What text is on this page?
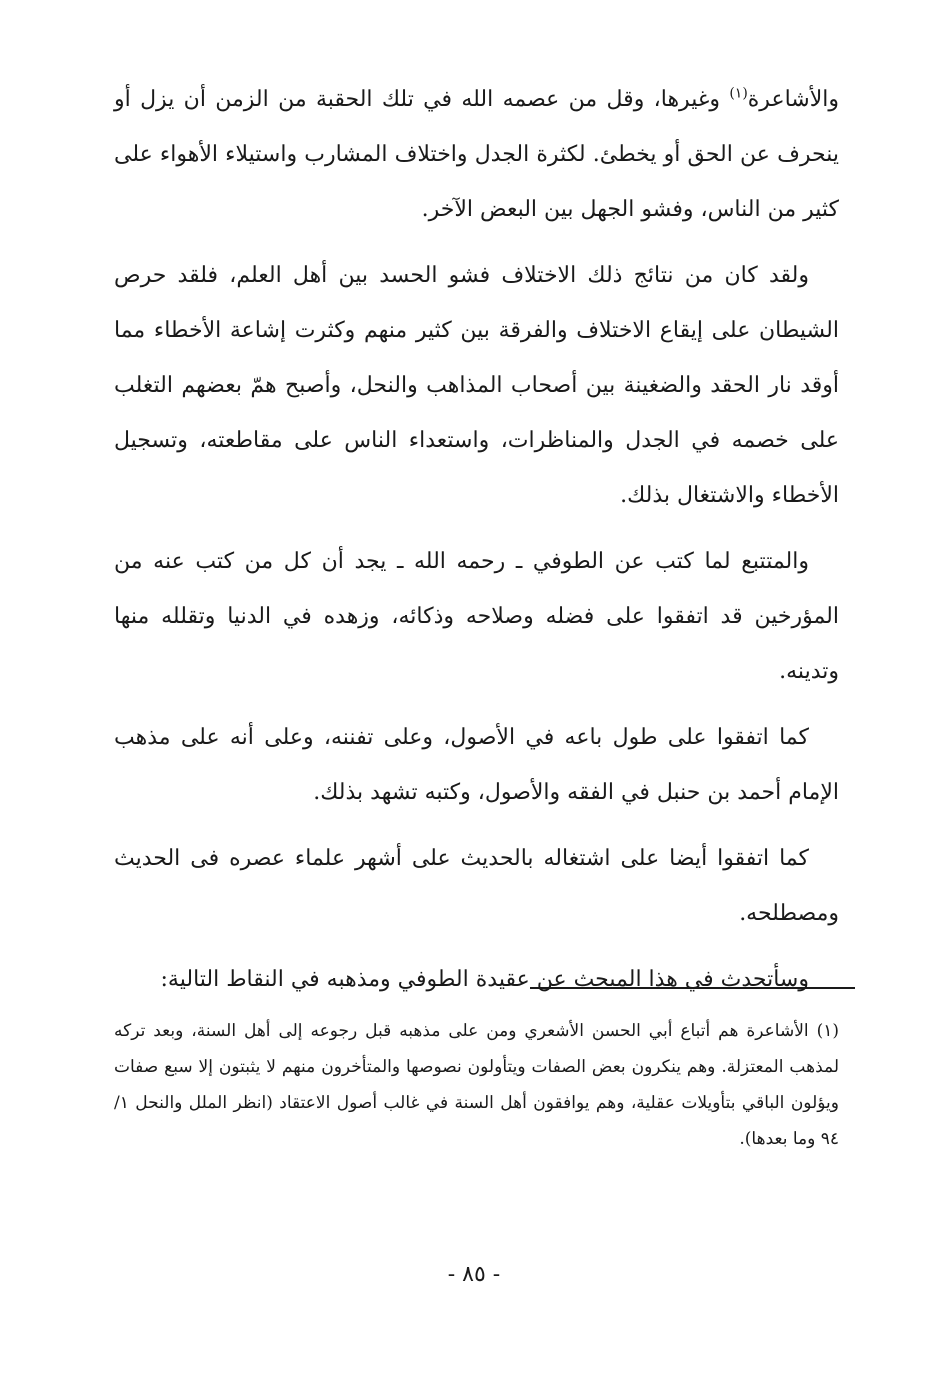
والأشاعرة$^{(١)}$ وغيرها، وقل من عصمه الله في تلك الحقبة من الزمن أن يزل أو ينحرف عن الحق أو يخطئ. لكثرة الجدل واختلاف المشارب واستيلاء الأهواء على كثير من الناس، وفشو الجهل بين البعض الآخر.

ولقد كان من نتائج ذلك الاختلاف فشو الحسد بين أهل العلم، فلقد حرص الشيطان على إيقاع الاختلاف والفرقة بين كثير منهم وكثرت إشاعة الأخطاء مما أوقد نار الحقد والضغينة بين أصحاب المذاهب والنحل، وأصبح همّ بعضهم التغلب على خصمه في الجدل والمناظرات، واستعداء الناس على مقاطعته، وتسجيل الأخطاء والاشتغال بذلك.

والمتتبع لما كتب عن الطوفي ـ رحمه الله ـ يجد أن كل من كتب عنه من المؤرخين قد اتفقوا على فضله وصلاحه وذكائه، وزهده في الدنيا وتقلله منها وتدينه.

كما اتفقوا على طول باعه في الأصول، وعلى تفننه، وعلى أنه على مذهب الإمام أحمد بن حنبل في الفقه والأصول، وكتبه تشهد بذلك.

كما اتفقوا أيضا على اشتغاله بالحديث على أشهر علماء عصره فى الحديث ومصطلحه.

وسأتحدث في هذا المبحث عن عقيدة الطوفي ومذهبه في النقاط التالية:

(١) الأشاعرة هم أتباع أبي الحسن الأشعري ومن على مذهبه قبل رجوعه إلى أهل السنة، وبعد تركه لمذهب المعتزلة. وهم ينكرون بعض الصفات ويتأولون نصوصها والمتأخرون منهم لا يثبتون إلا سبع صفات ويؤلون الباقي بتأويلات عقلية، وهم يوافقون أهل السنة في غالب أصول الاعتقاد (انظر الملل والنحل ١/ ٩٤ وما بعدها).

- ٨٥ -
